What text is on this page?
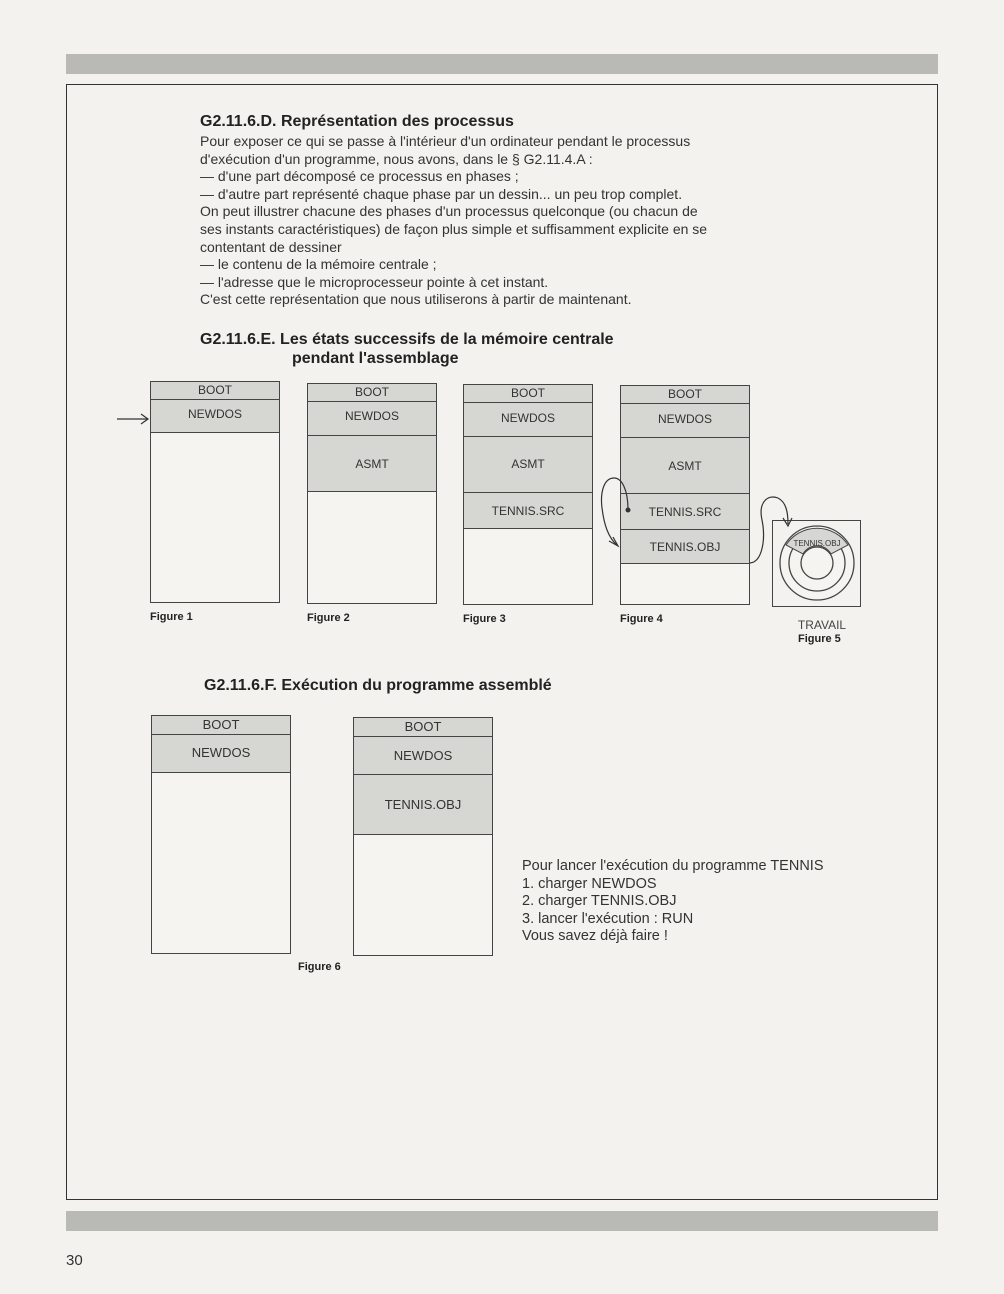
G2.11.6.D. Représentation des processus
Pour exposer ce qui se passe à l'intérieur d'un ordinateur pendant le processus
d'exécution d'un programme, nous avons, dans le § G2.11.4.A :
— d'une part décomposé ce processus en phases ;
— d'autre part représenté chaque phase par un dessin... un peu trop complet.
On peut illustrer chacune des phases d'un processus quelconque (ou chacun de
ses instants caractéristiques) de façon plus simple et suffisamment explicite en se
contentant de dessiner
— le contenu de la mémoire centrale ;
— l'adresse que le microprocesseur pointe à cet instant.
C'est cette représentation que nous utiliserons à partir de maintenant.
G2.11.6.E. Les états successifs de la mémoire centrale
pendant l'assemblage
BOOT
NEWDOS
Figure 1
BOOT
NEWDOS
ASMT
Figure 2
BOOT
NEWDOS
ASMT
TENNIS.SRC
Figure 3
BOOT
NEWDOS
ASMT
TENNIS.SRC
TENNIS.OBJ
Figure 4	TRAVAIL
Figure 5
TENNIS.OBJ
G2.11.6.F. Exécution du programme assemblé
BOOT
NEWDOS
BOOT
NEWDOS
TENNIS.OBJ
Figure 6
Pour lancer l'exécution du programme TENNIS
1. charger NEWDOS
2. charger TENNIS.OBJ
3. lancer l'exécution : RUN
Vous savez déjà faire !
30
